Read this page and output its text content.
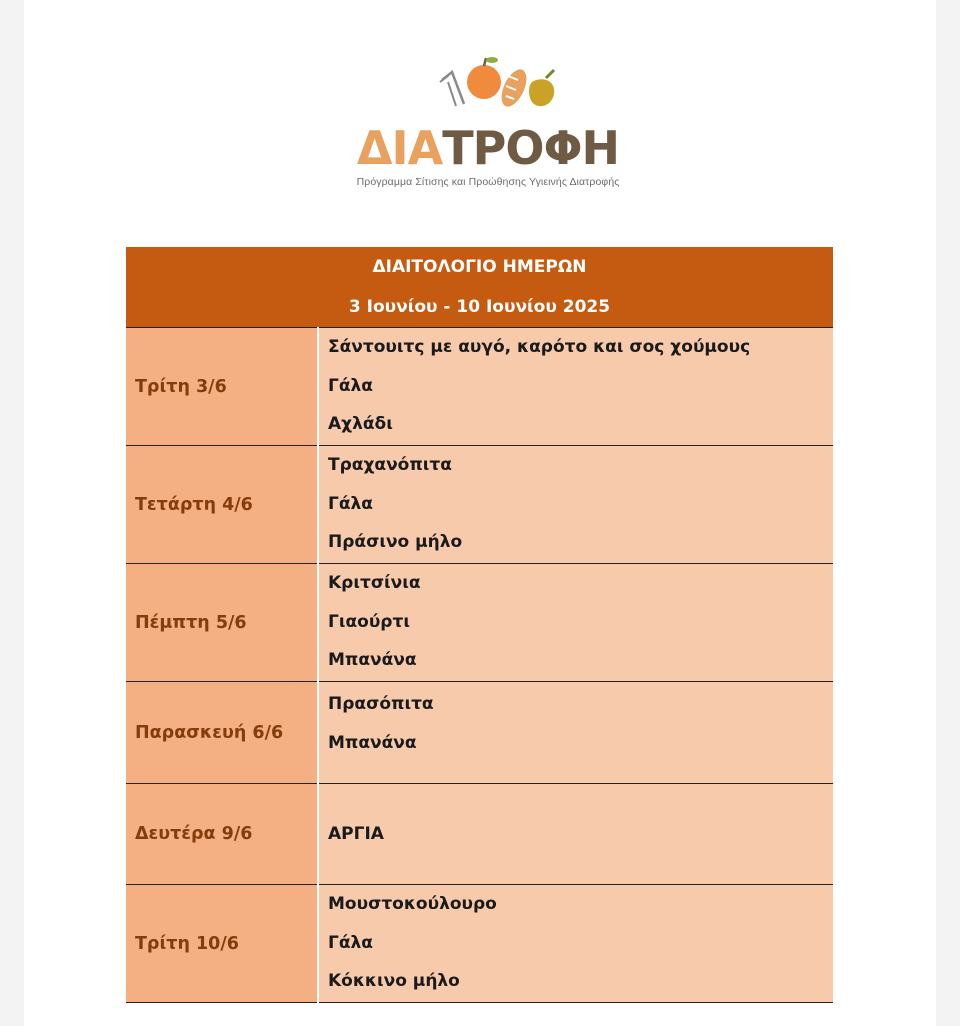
ΔΙΑΤΡΟΦΗ
Πρόγραμμα Σίτισης και Προώθησης Υγιεινής Διατροφής
ΔΙΑΙΤΟΛΟΓΙΟ ΗΜΕΡΩΝ
3 Ιουνίου - 10 Ιουνίου 2025	

Τρίτη 3/6	Σάντουιτς με αυγό, καρότο και σος χούμους
Γάλα
Αχλάδι

Τετάρτη 4/6	Τραχανόπιτα
Γάλα
Πράσινο μήλο

Πέμπτη 5/6	Κριτσίνια
Γιαούρτι
Μπανάνα

Παρασκευή 6/6	Πρασόπιτα
Μπανάνα

Δευτέρα 9/6	ΑΡΓΙΑ

Τρίτη 10/6	Μουστοκούλουρο
Γάλα
Κόκκινο μήλο
